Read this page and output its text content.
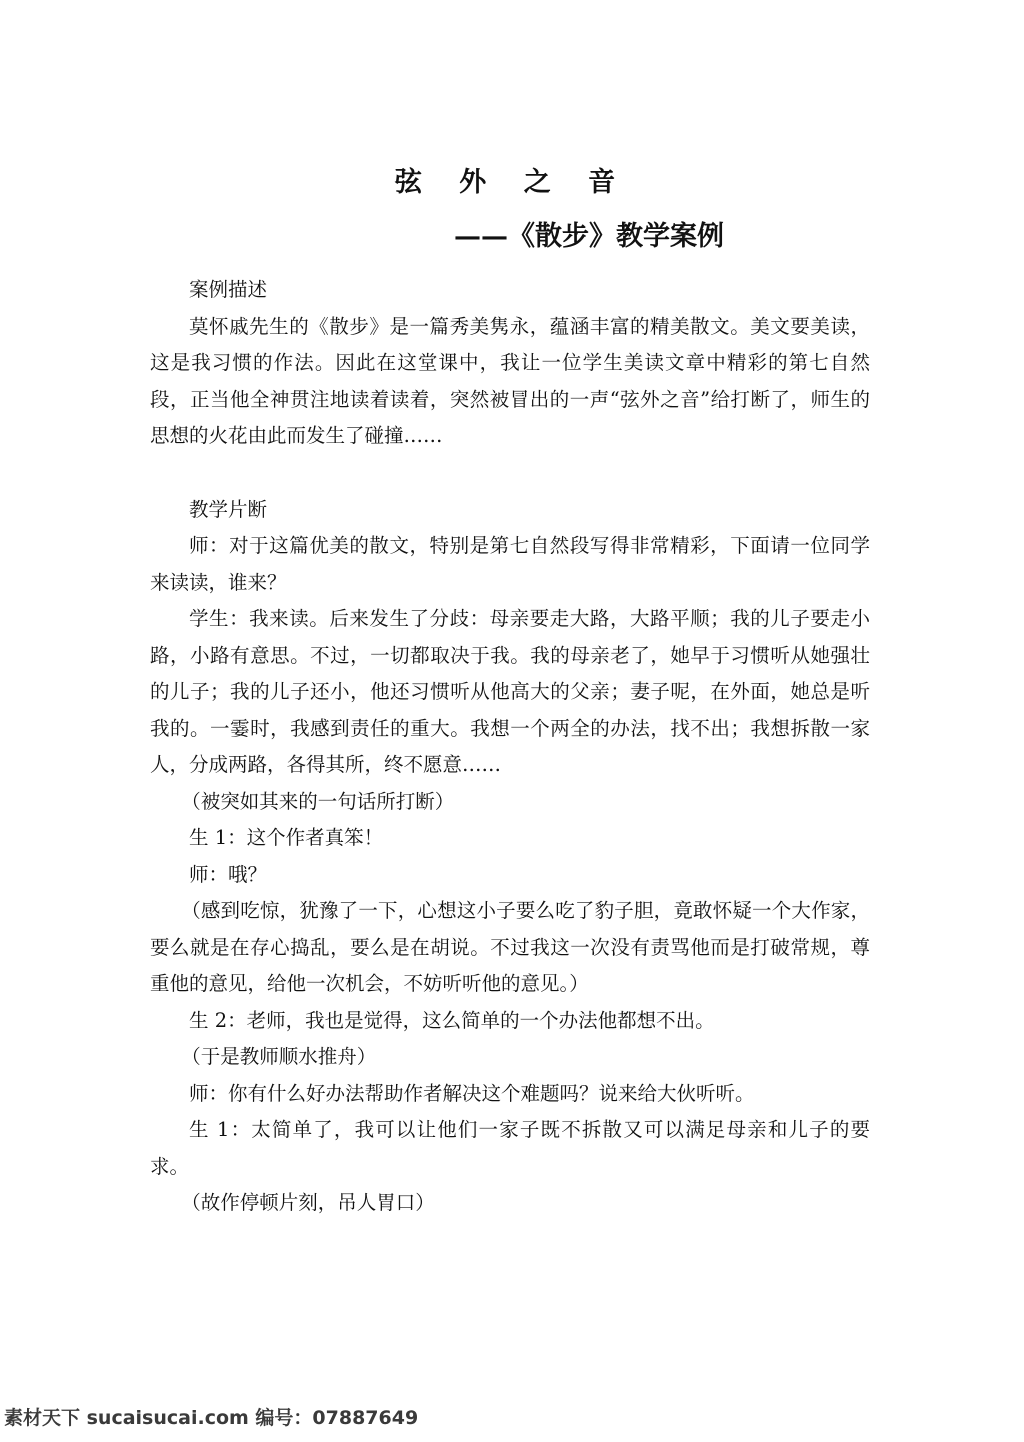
弦 外 之 音
——《散步》教学案例

案例描述

莫怀戚先生的《散步》是一篇秀美隽永，蕴涵丰富的精美散文。美文要美读，这是我习惯的作法。因此在这堂课中，我让一位学生美读文章中精彩的第七自然段，正当他全神贯注地读着读着，突然被冒出的一声“弦外之音”给打断了，师生的思想的火花由此而发生了碰撞……

教学片断

师：对于这篇优美的散文，特别是第七自然段写得非常精彩，下面请一位同学来读读，谁来？

学生：我来读。后来发生了分歧：母亲要走大路，大路平顺；我的儿子要走小路，小路有意思。不过，一切都取决于我。我的母亲老了，她早于习惯听从她强壮的儿子；我的儿子还小，他还习惯听从他高大的父亲；妻子呢，在外面，她总是听我的。一霎时，我感到责任的重大。我想一个两全的办法，找不出；我想拆散一家人，分成两路，各得其所，终不愿意……

（被突如其来的一句话所打断）

生 1：这个作者真笨！

师：哦？

（感到吃惊，犹豫了一下，心想这小子要么吃了豹子胆，竟敢怀疑一个大作家，要么就是在存心捣乱，要么是在胡说。不过我这一次没有责骂他而是打破常规，尊重他的意见，给他一次机会，不妨听听他的意见。）

生 2：老师，我也是觉得，这么简单的一个办法他都想不出。

（于是教师顺水推舟）

师：你有什么好办法帮助作者解决这个难题吗？说来给大伙听听。

生 1：太简单了，我可以让他们一家子既不拆散又可以满足母亲和儿子的要求。

（故作停顿片刻，吊人胃口）

素材天下 sucaisucai.com 编号：07887649
